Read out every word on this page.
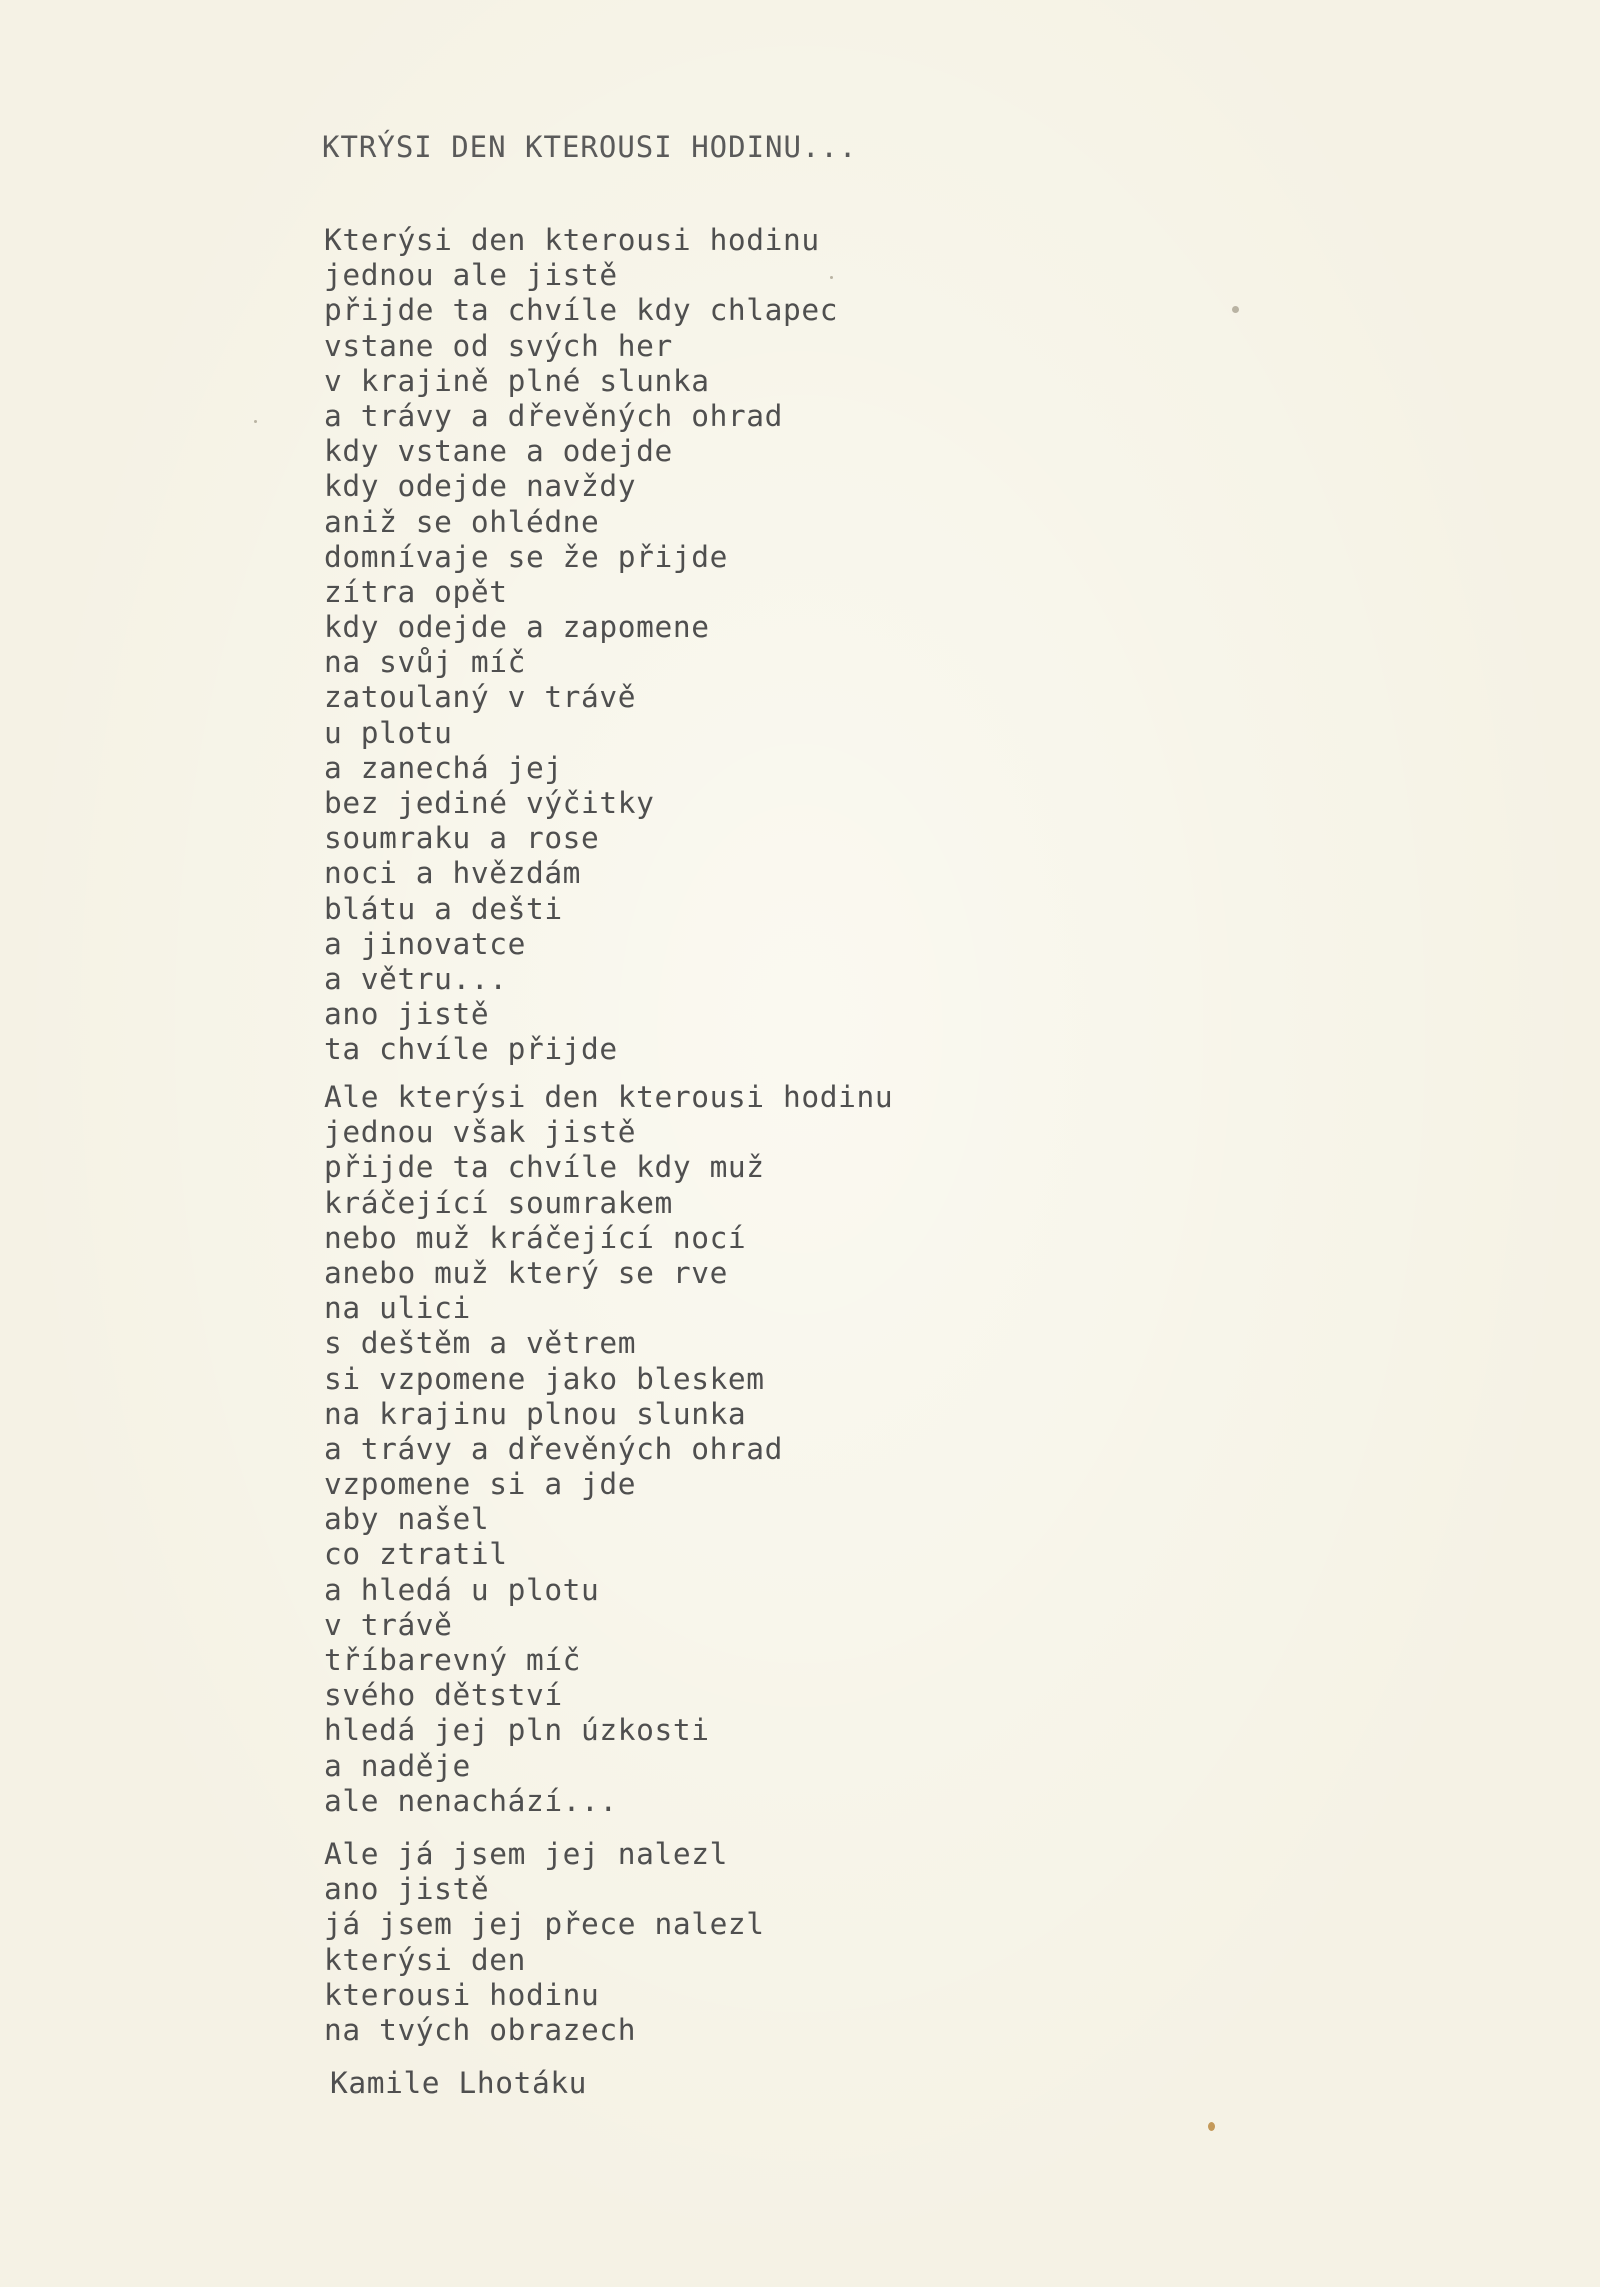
KTRÝSI DEN KTEROUSI HODINU...
Kterýsi den kterousi hodinu
jednou ale jistě
přijde ta chvíle kdy chlapec
vstane od svých her
v krajině plné slunka
a trávy a dřevěných ohrad
kdy vstane a odejde
kdy odejde navždy
aniž se ohlédne
domnívaje se že přijde
zítra opět
kdy odejde a zapomene
na svůj míč
zatoulaný v trávě
u plotu
a zanechá jej
bez jediné výčitky
soumraku a rose
noci a hvězdám
blátu a dešti
a jinovatce
a větru...
ano jistě
ta chvíle přijde
Ale kterýsi den kterousi hodinu
jednou však jistě
přijde ta chvíle kdy muž
kráčející soumrakem
nebo muž kráčející nocí
anebo muž který se rve
na ulici
s deštěm a větrem
si vzpomene jako bleskem
na krajinu plnou slunka
a trávy a dřevěných ohrad
vzpomene si a jde
aby našel
co ztratil
a hledá u plotu
v trávě
tříbarevný míč
svého dětství
hledá jej pln úzkosti
a naděje
ale nenachází...
Ale já jsem jej nalezl
ano jistě
já jsem jej přece nalezl
kterýsi den
kterousi hodinu
na tvých obrazech
Kamile Lhotáku
